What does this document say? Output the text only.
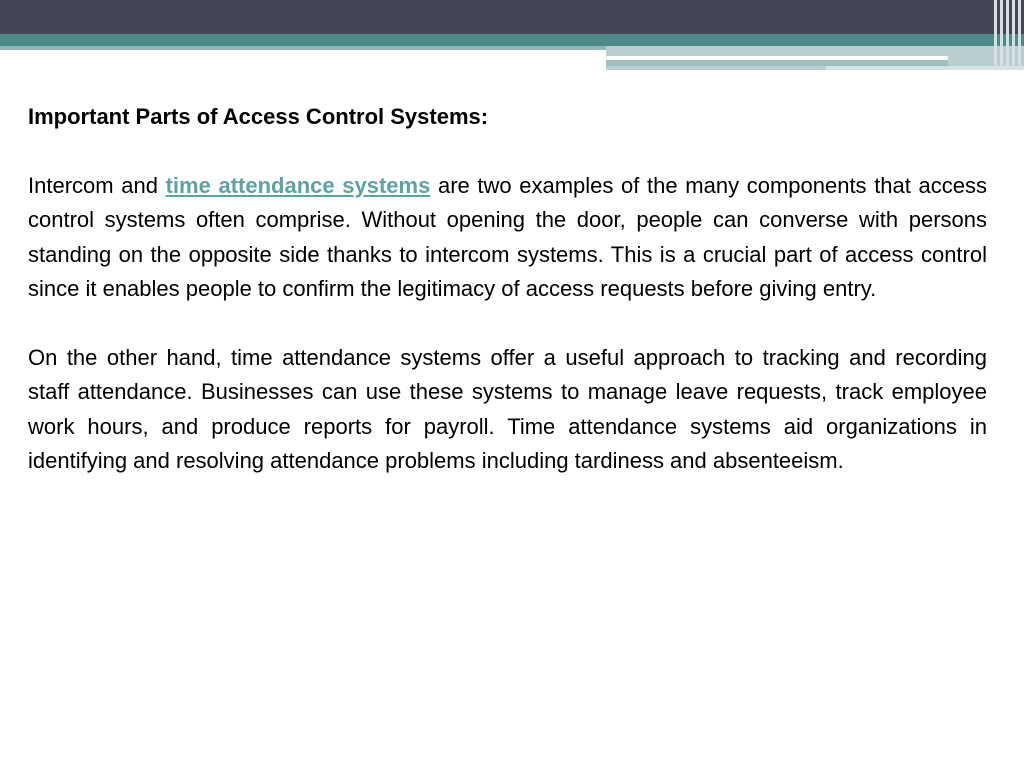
Important Parts of Access Control Systems:

Intercom and time attendance systems are two examples of the many components that access control systems often comprise. Without opening the door, people can converse with persons standing on the opposite side thanks to intercom systems. This is a crucial part of access control since it enables people to confirm the legitimacy of access requests before giving entry.

On the other hand, time attendance systems offer a useful approach to tracking and recording staff attendance. Businesses can use these systems to manage leave requests, track employee work hours, and produce reports for payroll. Time attendance systems aid organizations in identifying and resolving attendance problems including tardiness and absenteeism.
